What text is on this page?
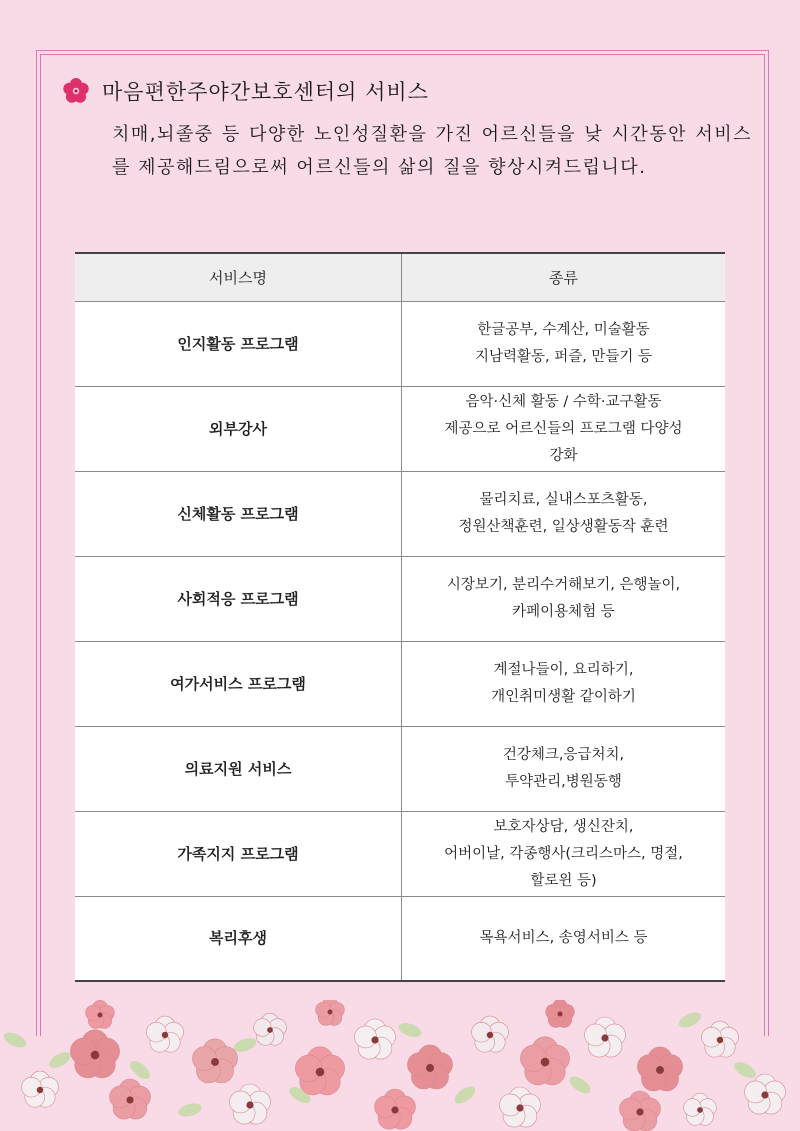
마음편한주야간보호센터의 서비스

치매,뇌졸중 등 다양한 노인성질환을 가진 어르신들을 낮 시간동안 서비스를 제공해드림으로써 어르신들의 삶의 질을 향상시켜드립니다.

서비스명	종류
인지활동 프로그램	한글공부, 수계산, 미술활동
지남력활동, 퍼즐, 만들기 등

외부강사	음악·신체 활동 / 수학·교구활동
제공으로 어르신들의 프로그램 다양성
강화

신체활동 프로그램	물리치료, 실내스포츠활동,
정원산책훈련, 일상생활동작 훈련

사회적응 프로그램	시장보기, 분리수거해보기, 은행놀이,
카페이용체험 등

여가서비스 프로그램	계절나들이, 요리하기,
개인취미생활 같이하기

의료지원 서비스	건강체크,응급처치,
투약관리,병원동행

가족지지 프로그램	보호자상담, 생신잔치,
어버이날, 각종행사(크리스마스, 명절,
할로윈 등)

복리후생	목욕서비스, 송영서비스 등
